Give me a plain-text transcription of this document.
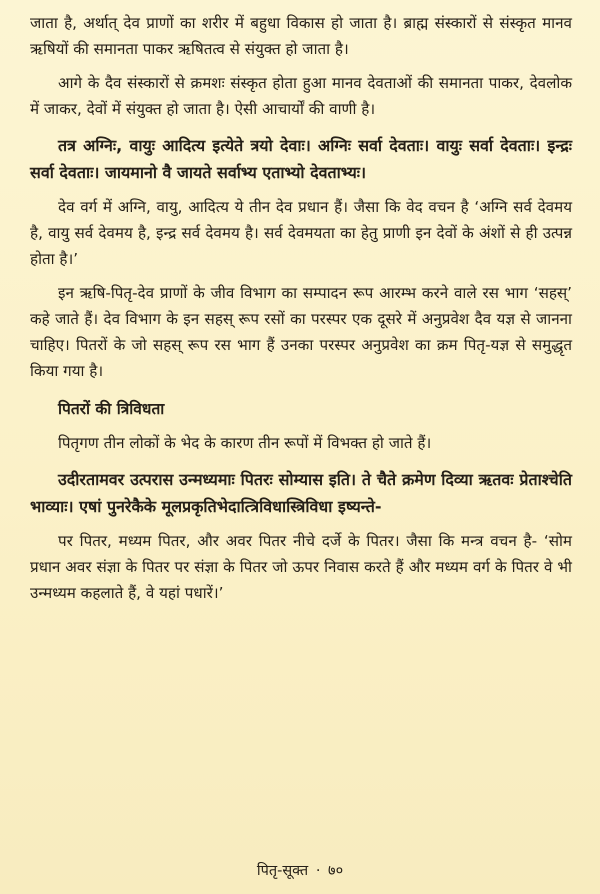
जाता है, अर्थात् देव प्राणों का शरीर में बहुधा विकास हो जाता है। ब्राह्म संस्कारों से संस्कृत मानव ऋषियों की समानता पाकर ऋषितत्व से संयुक्त हो जाता है।

आगे के दैव संस्कारों से क्रमशः संस्कृत होता हुआ मानव देवताओं की समानता पाकर, देवलोक में जाकर, देवों में संयुक्त हो जाता है। ऐसी आचार्यों की वाणी है।

तत्र अग्निः, वायुः आदित्य इत्येते त्रयो देवाः। अग्निः सर्वा देवताः। वायुः सर्वा देवताः। इन्द्रः सर्वा देवताः। जायमानो वै जायते सर्वाभ्य एताभ्यो देवताभ्यः।

देव वर्ग में अग्नि, वायु, आदित्य ये तीन देव प्रधान हैं। जैसा कि वेद वचन है ‘अग्नि सर्व देवमय है, वायु सर्व देवमय है, इन्द्र सर्व देवमय है। सर्व देवमयता का हेतु प्राणी इन देवों के अंशों से ही उत्पन्न होता है।’

इन ऋषि-पितृ-देव प्राणों के जीव विभाग का सम्पादन रूप आरम्भ करने वाले रस भाग ‘सहस्’ कहे जाते हैं। देव विभाग के इन सहस् रूप रसों का परस्पर एक दूसरे में अनुप्रवेश दैव यज्ञ से जानना चाहिए। पितरों के जो सहस् रूप रस भाग हैं उनका परस्पर अनुप्रवेश का क्रम पितृ-यज्ञ से समुद्धृत किया गया है।

पितरों की त्रिविधता

पितृगण तीन लोकों के भेद के कारण तीन रूपों में विभक्त हो जाते हैं।

उदीरतामवर उत्परास उन्मध्यमाः पितरः सोम्यास इति। ते चैते क्रमेण दिव्या ऋतवः प्रेताश्चेति भाव्याः। एषां पुनरेकैके मूलप्रकृतिभेदात्त्रिविधास्त्रिविधा इष्यन्ते-

पर पितर, मध्यम पितर, और अवर पितर नीचे दर्जे के पितर। जैसा कि मन्त्र वचन है- ‘सोम प्रधान अवर संज्ञा के पितर पर संज्ञा के पितर जो ऊपर निवास करते हैं और मध्यम वर्ग के पितर वे भी उन्मध्यम कहलाते हैं, वे यहां पधारें।’

पितृ-सूक्त · ७०
